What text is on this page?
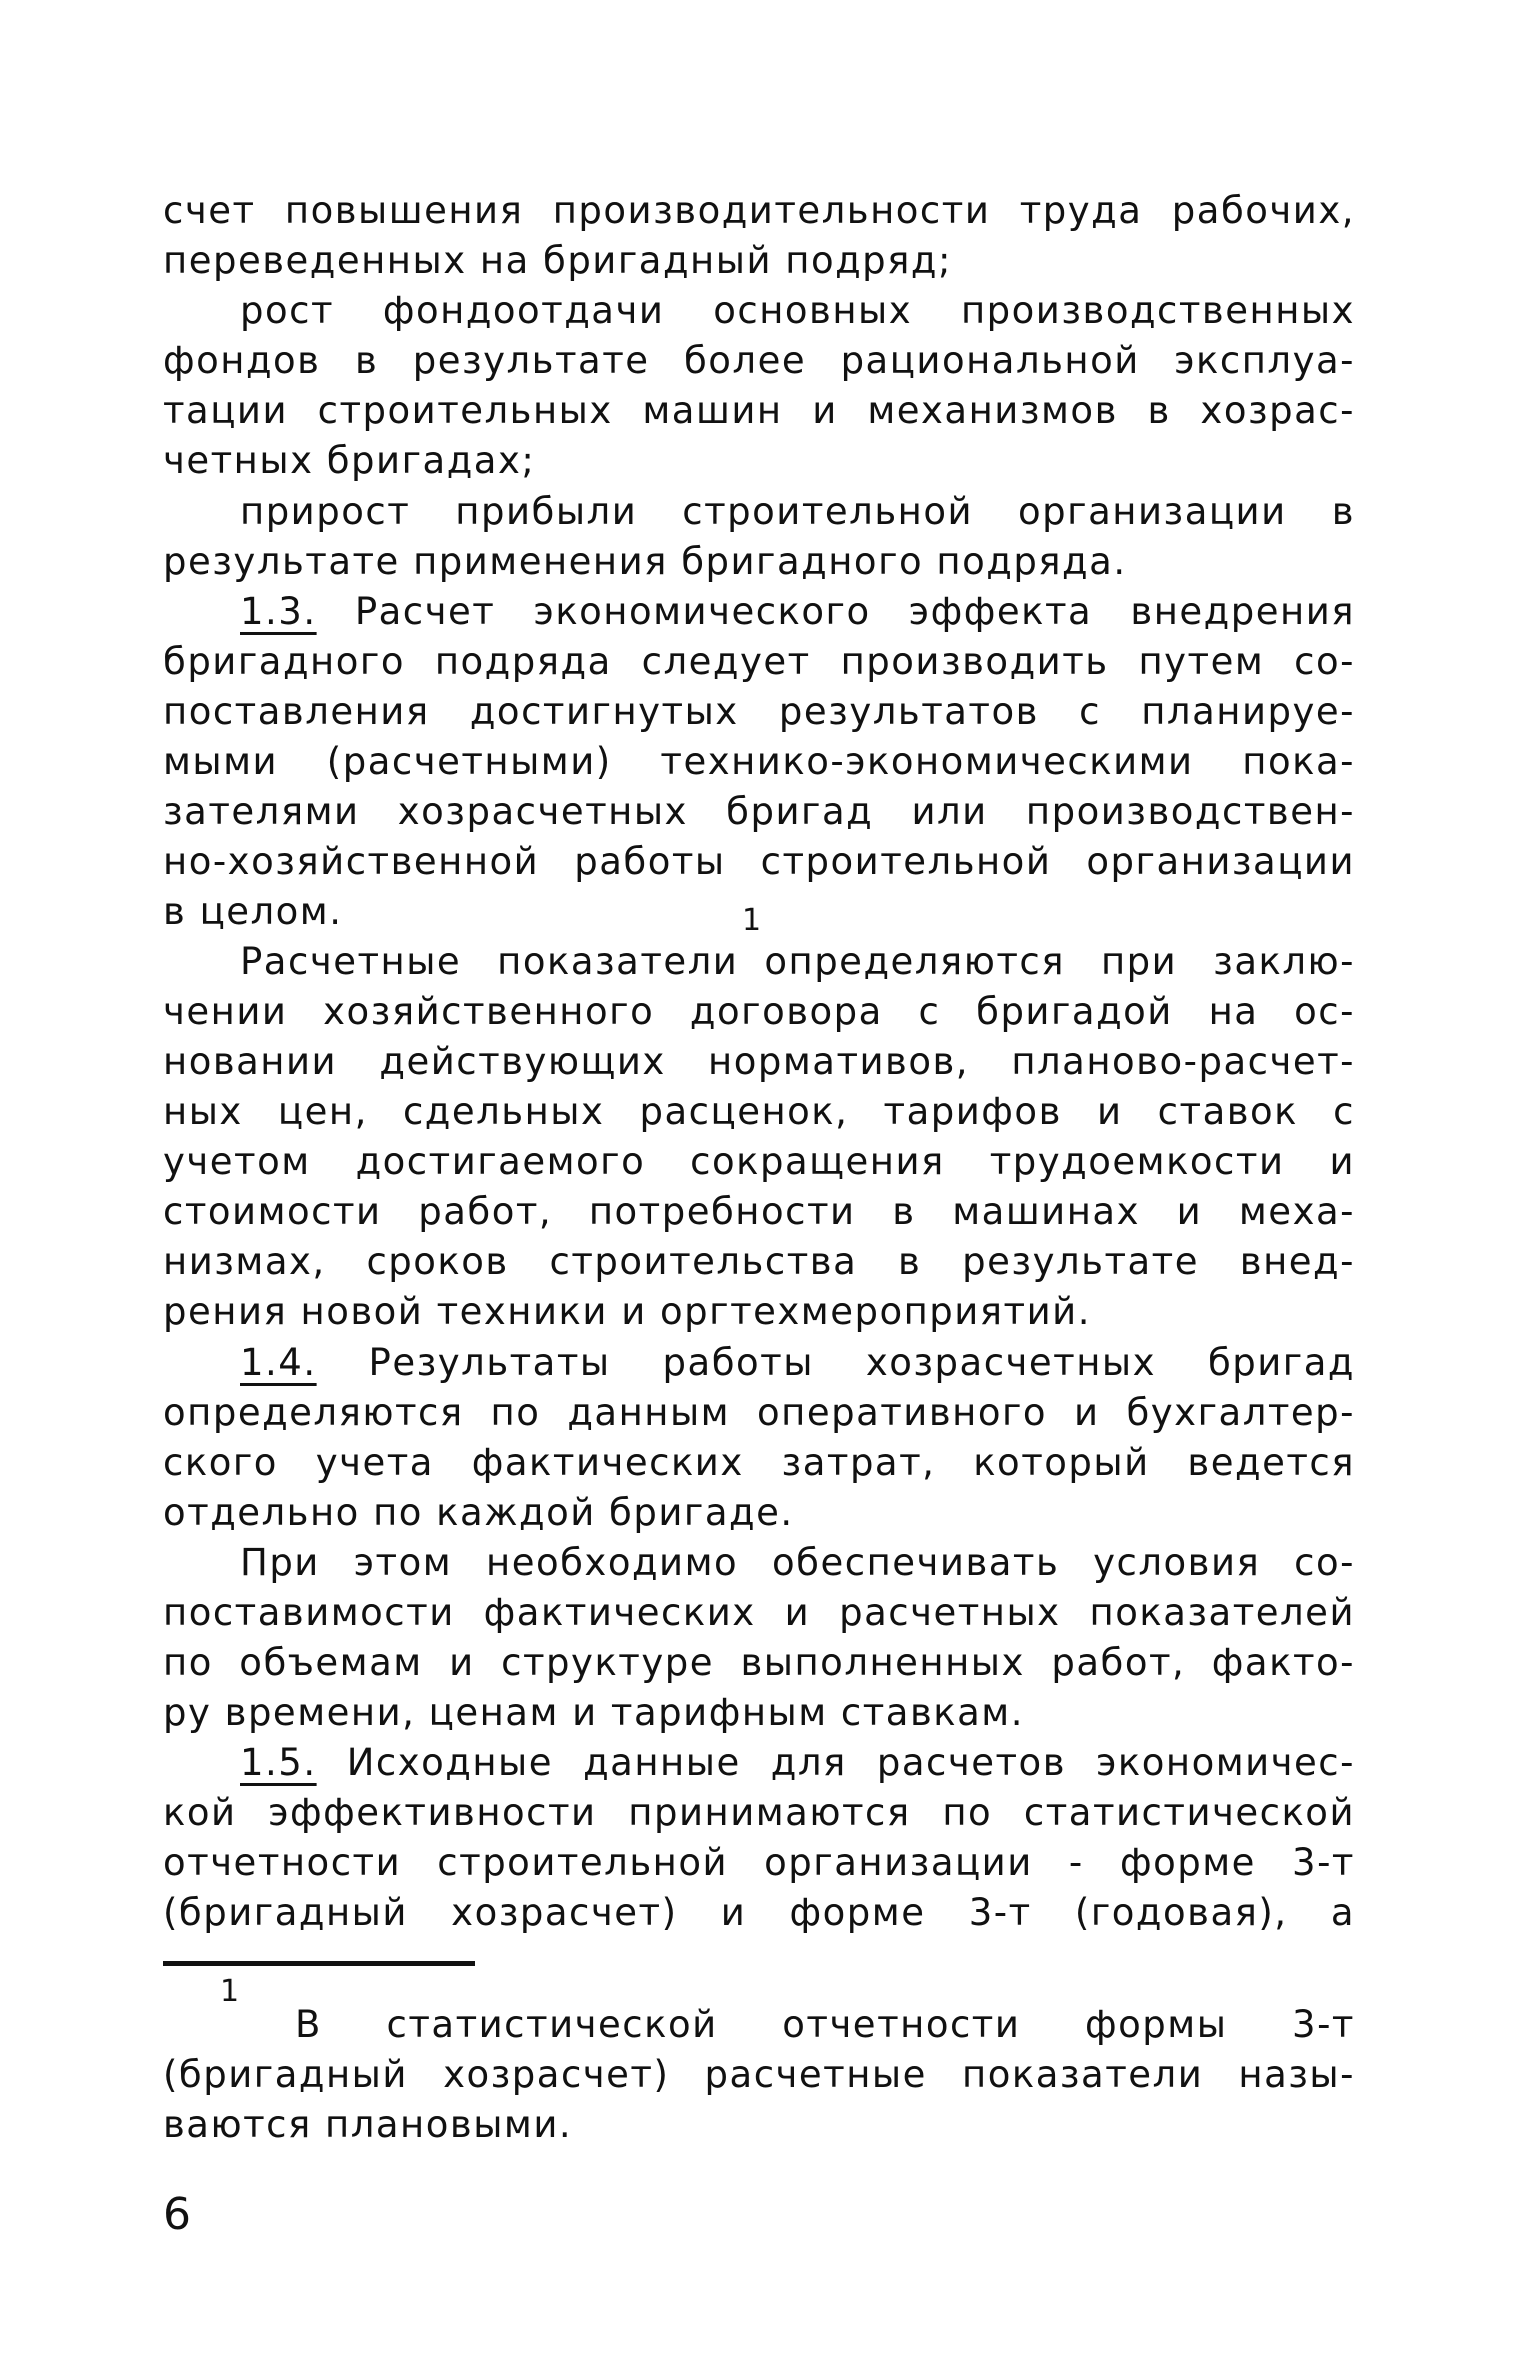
счет повышения производительности труда рабочих,
переведенных на бригадный подряд;
рост фондоотдачи основных производственных
фондов в результате более рациональной эксплуа-
тации строительных машин и механизмов в хозрас-
четных бригадах;
прирост прибыли строительной организации в
результате применения бригадного подряда.
1.3. Расчет экономического эффекта внедрения
бригадного подряда следует производить путем со-
поставления достигнутых результатов с планируе-
мыми (расчетными) технико-экономическими пока-
зателями хозрасчетных бригад или производствен-
но-хозяйственной работы строительной организации
в целом.
Расчетные показатели определяются при заклю-
1
чении хозяйственного договора с бригадой на ос-
новании действующих нормативов, планово-расчет-
ных цен, сдельных расценок, тарифов и ставок с
учетом достигаемого сокращения трудоемкости и
стоимости работ, потребности в машинах и меха-
низмах, сроков строительства в результате внед-
рения новой техники и оргтехмероприятий.
1.4. Результаты работы хозрасчетных бригад
определяются по данным оперативного и бухгалтер-
ского учета фактических затрат, который ведется
отдельно по каждой бригаде.
При этом необходимо обеспечивать условия со-
поставимости фактических и расчетных показателей
по объемам и структуре выполненных работ, факто-
ру времени, ценам и тарифным ставкам.
1.5. Исходные данные для расчетов экономичес-
кой эффективности принимаются по статистической
отчетности строительной организации - форме 3-т
(бригадный хозрасчет) и форме 3-т (годовая), а
1
В статистической отчетности формы 3-т
(бригадный хозрасчет) расчетные показатели назы-
ваются плановыми.
6
